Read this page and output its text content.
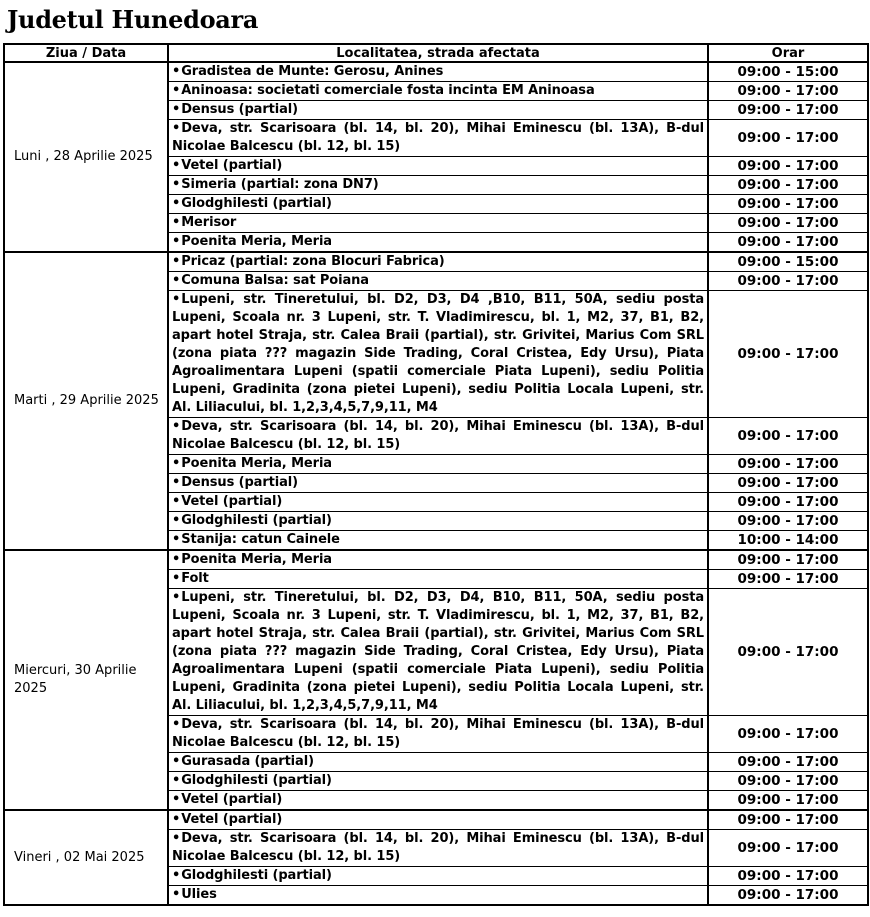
Judetul Hunedoara
Ziua / Data	Localitatea, strada afectata	Orar
Luni , 28 Aprilie 2025	•Gradistea de Munte: Gerosu, Anines	09:00 - 15:00
	•Aninoasa: societati comerciale fosta incinta EM Aninoasa	09:00 - 17:00
	•Densus (partial)	09:00 - 17:00
	•Deva, str. Scarisoara (bl. 14, bl. 20), Mihai Eminescu (bl. 13A), B-dul Nicolae Balcescu (bl. 12, bl. 15)	09:00 - 17:00
	•Vetel (partial)	09:00 - 17:00
	•Simeria (partial: zona DN7)	09:00 - 17:00
	•Glodghilesti (partial)	09:00 - 17:00
	•Merisor	09:00 - 17:00
	•Poenita Meria, Meria	09:00 - 17:00
Marti , 29 Aprilie 2025	•Pricaz (partial: zona Blocuri Fabrica)	09:00 - 15:00
	•Comuna Balsa: sat Poiana	09:00 - 17:00
	•Lupeni, str. Tineretului, bl. D2, D3, D4 ,B10, B11, 50A, sediu posta Lupeni, Scoala nr. 3 Lupeni, str. T. Vladimirescu, bl. 1, M2, 37, B1, B2, apart hotel Straja, str. Calea Braii (partial), str. Grivitei, Marius Com SRL (zona piata ??? magazin Side Trading, Coral Cristea, Edy Ursu), Piata Agroalimentara Lupeni (spatii comerciale Piata Lupeni), sediu Politia Lupeni, Gradinita (zona pietei Lupeni), sediu Politia Locala Lupeni, str. Al. Liliacului, bl. 1,2,3,4,5,7,9,11, M4	09:00 - 17:00
	•Deva, str. Scarisoara (bl. 14, bl. 20), Mihai Eminescu (bl. 13A), B-dul Nicolae Balcescu (bl. 12, bl. 15)	09:00 - 17:00
	•Poenita Meria, Meria	09:00 - 17:00
	•Densus (partial)	09:00 - 17:00
	•Vetel (partial)	09:00 - 17:00
	•Glodghilesti (partial)	09:00 - 17:00
	•Stanija: catun Cainele	10:00 - 14:00
Miercuri, 30 Aprilie 2025	•Poenita Meria, Meria	09:00 - 17:00
	•Folt	09:00 - 17:00
	•Lupeni, str. Tineretului, bl. D2, D3, D4, B10, B11, 50A, sediu posta Lupeni, Scoala nr. 3 Lupeni, str. T. Vladimirescu, bl. 1, M2, 37, B1, B2, apart hotel Straja, str. Calea Braii (partial), str. Grivitei, Marius Com SRL (zona piata ??? magazin Side Trading, Coral Cristea, Edy Ursu), Piata Agroalimentara Lupeni (spatii comerciale Piata Lupeni), sediu Politia Lupeni, Gradinita (zona pietei Lupeni), sediu Politia Locala Lupeni, str. Al. Liliacului, bl. 1,2,3,4,5,7,9,11, M4	09:00 - 17:00
	•Deva, str. Scarisoara (bl. 14, bl. 20), Mihai Eminescu (bl. 13A), B-dul Nicolae Balcescu (bl. 12, bl. 15)	09:00 - 17:00
	•Gurasada (partial)	09:00 - 17:00
	•Glodghilesti (partial)	09:00 - 17:00
	•Vetel (partial)	09:00 - 17:00
Vineri , 02 Mai 2025	•Vetel (partial)	09:00 - 17:00
	•Deva, str. Scarisoara (bl. 14, bl. 20), Mihai Eminescu (bl. 13A), B-dul Nicolae Balcescu (bl. 12, bl. 15)	09:00 - 17:00
	•Glodghilesti (partial)	09:00 - 17:00
	•Ulies	09:00 - 17:00
